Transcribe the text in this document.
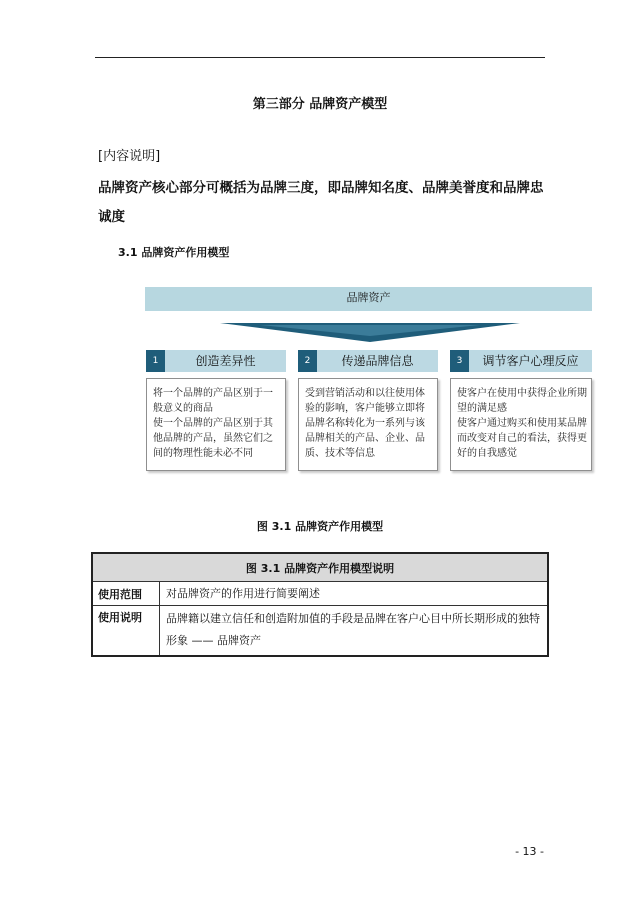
第三部分 品牌资产模型
[内容说明]
品牌资产核心部分可概括为品牌三度，即品牌知名度、品牌美誉度和品牌忠诚度
3.1 品牌资产作用模型
品牌资产
1	创造差异性
将一个品牌的产品区别于一般意义的商品
使一个品牌的产品区别于其他品牌的产品，虽然它们之间的物理性能未必不同
2	传递品牌信息
受到营销活动和以往使用体验的影响，客户能够立即将品牌名称转化为一系列与该品牌相关的产品、企业、品质、技术等信息
3	调节客户心理反应
使客户在使用中获得企业所期望的满足感
使客户通过购买和使用某品牌而改变对自己的看法，获得更好的自我感觉
图 3.1 品牌资产作用模型
图 3.1 品牌资产作用模型说明	
使用范围	对品牌资产的作用进行简要阐述
使用说明	品牌籍以建立信任和创造附加值的手段是品牌在客户心目中所长期形成的独特形象 —— 品牌资产
- 13 -
